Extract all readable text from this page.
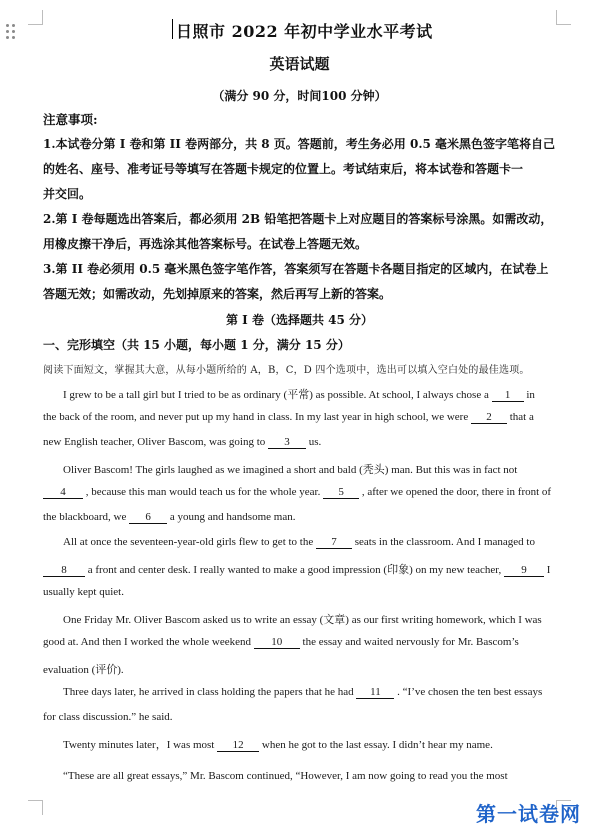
日照市 2022 年初中学业水平考试
英语试题
（满分 90 分，时间100 分钟）
注意事项:
1.本试卷分第 I 卷和第 II 卷两部分，共 8 页。答题前，考生务必用 0.5 毫米黑色签字笔将自己
的姓名、座号、准考证号等填写在答题卡规定的位置上。考试结束后，将本试卷和答题卡一
并交回。
2.第 I 卷每题选出答案后，都必须用 2B 铅笔把答题卡上对应题目的答案标号涂黑。如需改动，
用橡皮擦干净后，再选涂其他答案标号。在试卷上答题无效。
3.第 II 卷必须用 0.5 毫米黑色签字笔作答，答案须写在答题卡各题目指定的区域内，在试卷上
答题无效；如需改动，先划掉原来的答案，然后再写上新的答案。
第 I 卷（选择题共 45 分）
一、完形填空（共 15 小题，每小题 1 分，满分 15 分）
阅读下面短文，掌握其大意，从每小题所给的 A，B，C，D 四个选项中，选出可以填入空白处的最佳选项。
I grew to be a tall girl but I tried to be as ordinary (平常) as possible. At school, I always chose a 1 in
the back of the room, and never put up my hand in class. In my last year in high school, we were 2 that a
new English teacher, Oliver Bascom, was going to 3 us.
Oliver Bascom! The girls laughed as we imagined a short and bald (秃头) man. But this was in fact not
4 , because this man would teach us for the whole year. 5 , after we opened the door, there in front of
the blackboard, we 6 a young and handsome man.
All at once the seventeen-year-old girls flew to get to the 7 seats in the classroom. And I managed to
8 a front and center desk. I really wanted to make a good impression (印象) on my new teacher, 9 I
usually kept quiet.
One Friday Mr. Oliver Bascom asked us to write an essay (文章) as our first writing homework, which I was
good at. And then I worked the whole weekend 10 the essay and waited nervously for Mr. Bascom’s
evaluation (评价).
Three days later, he arrived in class holding the papers that he had 11 . “I’ve chosen the ten best essays
for class discussion.” he said.
Twenty minutes later，I was most 12 when he got to the last essay. I didn’t hear my name.
“These are all great essays,” Mr. Bascom continued, “However, I am now going to read you the most
第一试卷网
